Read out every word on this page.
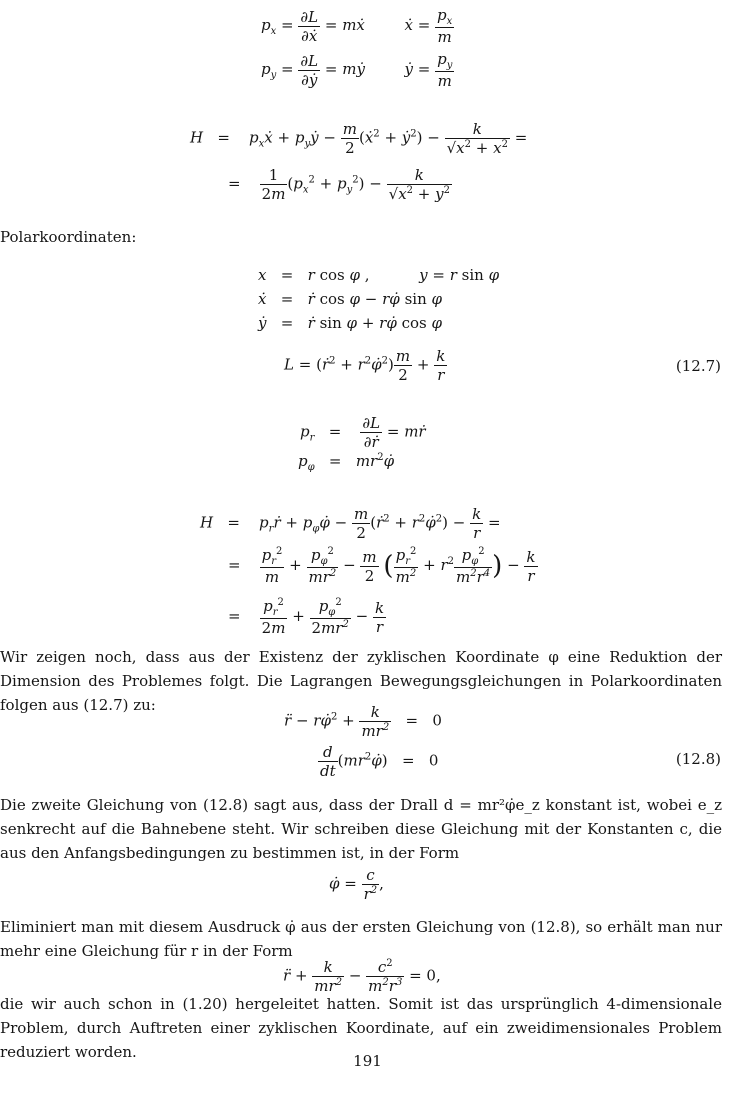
$p_x = \frac{\partial L}{\text{∂ẋ}}$ = mẋ	ẋ = $\frac{p_x}{m}$
$p_y = \frac{\partial L}{\text{∂ẏ}}$ = mẏ	ẏ = $\frac{p_y}{m}$
H   =    $p_xẋ$ + $p_yẏ - \frac{m}{2}$ (ẋ$^2$ + ẏ$^2$) − $\frac{k}{√x^2 + x^2}$ =
= $\frac{1}{2m} (p_x^2 + p_y^2) - \frac{k}{√x^2 + y^2}$
Polarkoordinaten:
x   =   r cos φ ,	y = r sin φ
ẋ   =   ṙ cos φ − rφ̇ sin φ
ẏ   =   ṙ sin φ + rφ̇ cos φ
L = (ṙ$^2$ + $r^2\varphi̇^2) \frac{m}{2} + \frac{k}{r}$	(12.7)
$p_r = \frac{\partial L}{\text{∂ṙ}}$ = mṙ
$p_\varphi$   =   $mr^2\varphi̇$
H   =    $p_rṙ$ + $p_\varphi\varphi̇ - \frac{m}{2}$ (ṙ$^2$ + $r^2\varphi̇^2) - \frac{k}{r}$ =
= $\frac{p_r^2}{m} + \frac{p_\varphi^2}{mr^2} - \frac{m}{2}$ ( $\frac{p_r^2}{m^2} + r^2 \frac{p_\varphi^2}{m^2r^4}$ ) − $\frac{k}{r}$
= $\frac{p_r^2}{2m} + \frac{p_\varphi^2}{2mr^2} - \frac{k}{r}$
Wir zeigen noch, dass aus der Existenz der zyklischen Koordinate φ eine Reduktion der Dimension des Problemes folgt. Die Lagrangen Bewegungsgleichungen in Polarkoordinaten folgen aus (12.7) zu:
r̈ − rφ̇$^2$ + $\frac{k}{mr^2} = 0$
$\frac{d}{dt}$ $(mr^2\varphi̇) = 0$	(12.8)
Die zweite Gleichung von (12.8) sagt aus, dass der Drall d = mr²φ̇e_z konstant ist, wobei e_z senkrecht auf die Bahnebene steht. Wir schreiben diese Gleichung mit der Konstanten c, die aus den Anfangsbedingungen zu bestimmen ist, in der Form
φ̇ = $\frac{c}{r^2}$ ,
Eliminiert man mit diesem Ausdruck φ̇ aus der ersten Gleichung von (12.8), so erhält man nur mehr eine Gleichung für r in der Form
r̈ + $\frac{k}{mr^2} - \frac{c^2}{m^2r^3} = 0$,
die wir auch schon in (1.20) hergeleitet hatten. Somit ist das ursprünglich 4-dimensionale Problem, durch Auftreten einer zyklischen Koordinate, auf ein zweidimensionales Problem reduziert worden.	191
